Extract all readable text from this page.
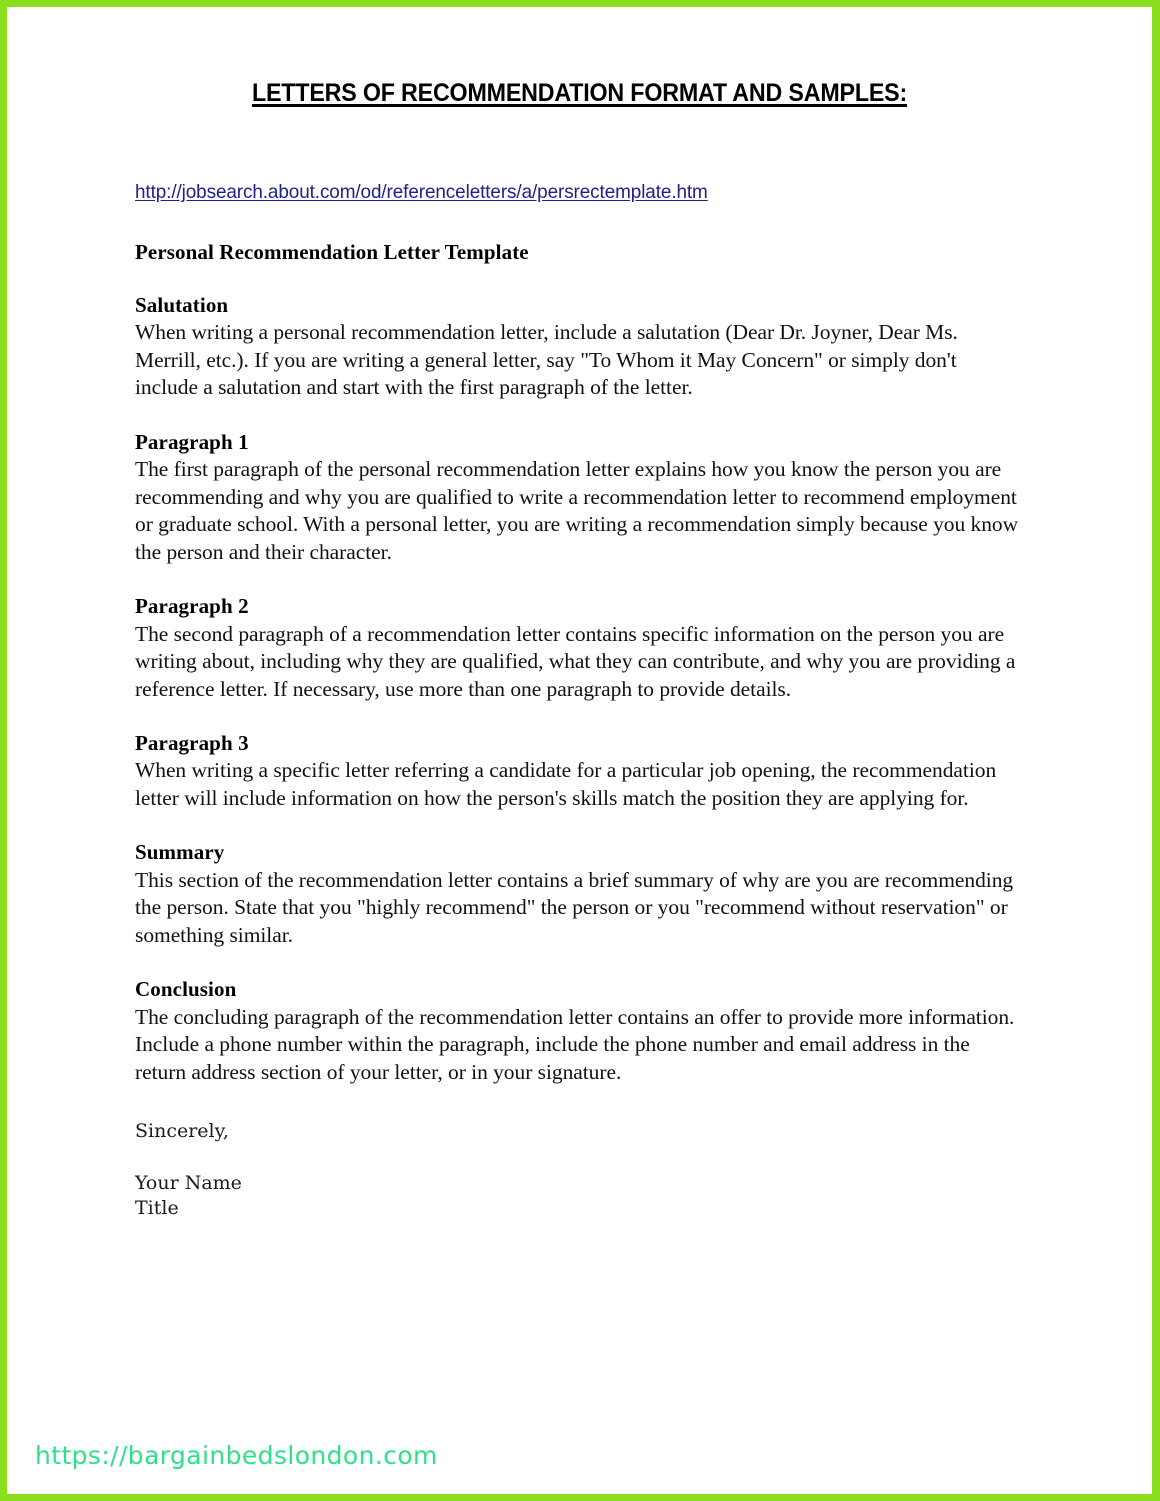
LETTERS OF RECOMMENDATION FORMAT AND SAMPLES:
http://jobsearch.about.com/od/referenceletters/a/persrectemplate.htm
Personal Recommendation Letter Template
Salutation
When writing a personal recommendation letter, include a salutation (Dear Dr. Joyner, Dear Ms. Merrill, etc.). If you are writing a general letter, say "To Whom it May Concern" or simply don't include a salutation and start with the first paragraph of the letter.
Paragraph 1
The first paragraph of the personal recommendation letter explains how you know the person you are recommending and why you are qualified to write a recommendation letter to recommend employment or graduate school. With a personal letter, you are writing a recommendation simply because you know the person and their character.
Paragraph 2
The second paragraph of a recommendation letter contains specific information on the person you are writing about, including why they are qualified, what they can contribute, and why you are providing a reference letter. If necessary, use more than one paragraph to provide details.
Paragraph 3
When writing a specific letter referring a candidate for a particular job opening, the recommendation letter will include information on how the person's skills match the position they are applying for.
Summary
This section of the recommendation letter contains a brief summary of why are you are recommending the person. State that you "highly recommend" the person or you "recommend without reservation" or something similar.
Conclusion
The concluding paragraph of the recommendation letter contains an offer to provide more information. Include a phone number within the paragraph, include the phone number and email address in the return address section of your letter, or in your signature.
Sincerely,
Your Name
Title
https://bargainbedslondon.com
